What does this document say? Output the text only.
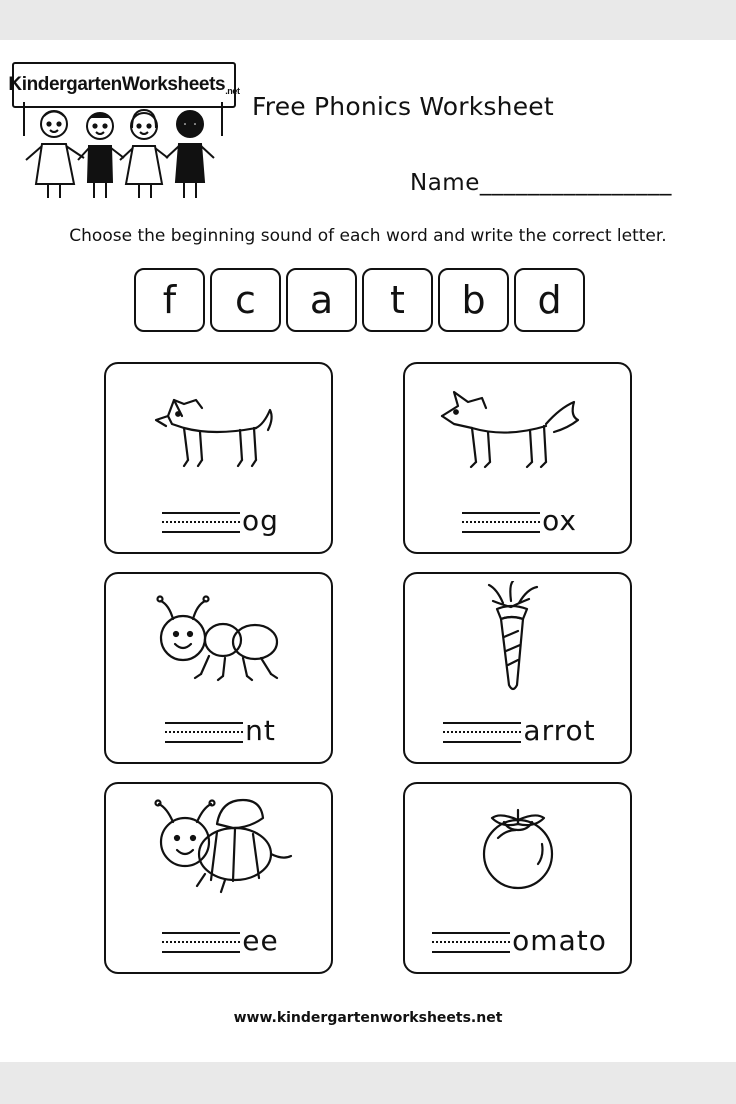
KindergartenWorksheets.net
Free Phonics Worksheet
Name________________
Choose the beginning sound of each word and write the correct letter.
f	c	a	t	b	d
og	ox
nt	arrot
ee	omato
www.kindergartenworksheets.net
